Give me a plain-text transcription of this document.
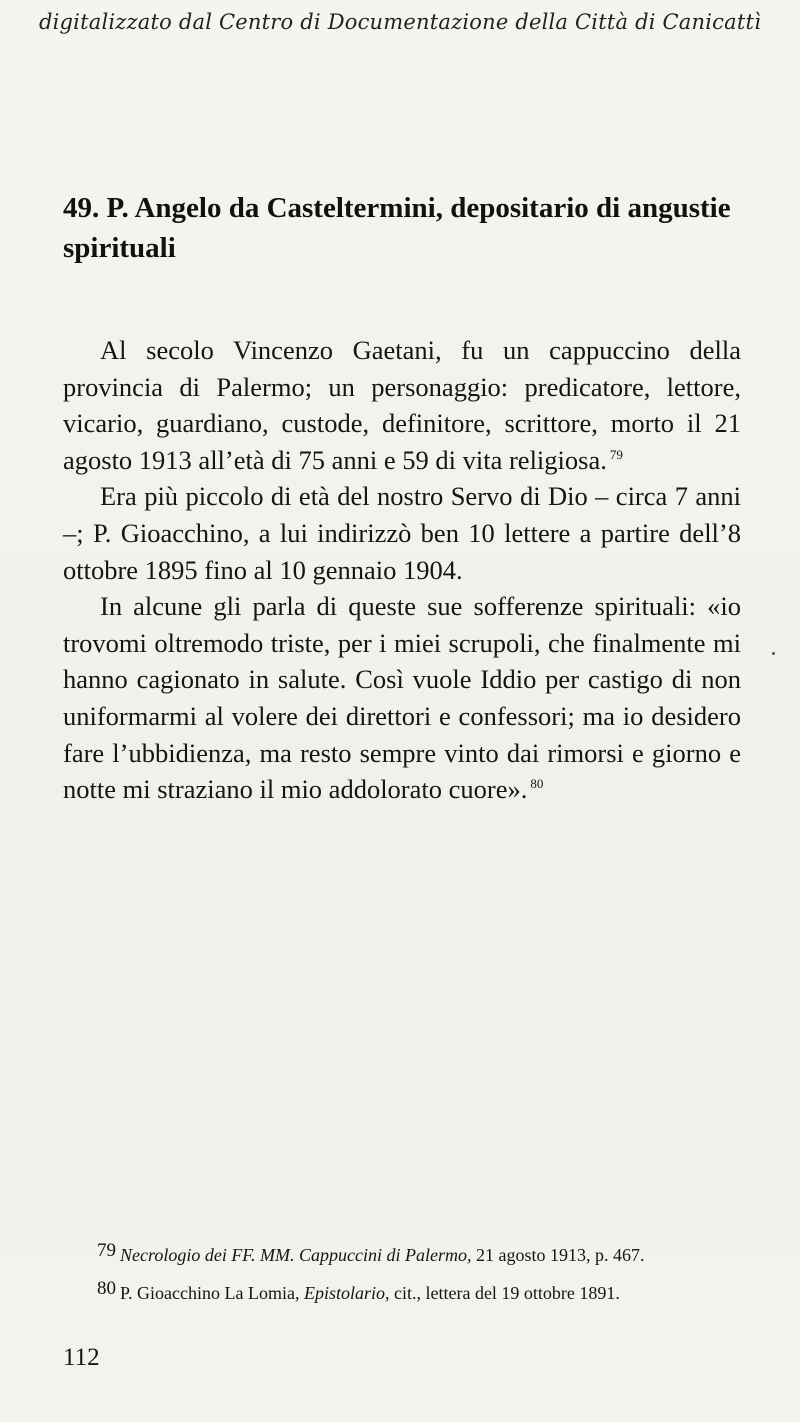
digitalizzato dal Centro di Documentazione della Città di Canicattì
49. P. Angelo da Casteltermini, depositario di angustie spirituali

Al secolo Vincenzo Gaetani, fu un cappuccino della provincia di Palermo; un personaggio: predicatore, lettore, vicario, guardiano, custode, definitore, scrittore, morto il 21 agosto 1913 all’età di 75 anni e 59 di vita religiosa. $^{79}$

Era più piccolo di età del nostro Servo di Dio – circa 7 anni –; P. Gioacchino, a lui indirizzò ben 10 lettere a partire dell’8 ottobre 1895 fino al 10 gennaio 1904.

In alcune gli parla di queste sue sofferenze spirituali: «io trovomi oltremodo triste, per i miei scrupoli, che finalmente mi hanno cagionato in salute. Così vuole Iddio per castigo di non uniformarmi al volere dei direttori e confessori; ma io desidero fare l’ubbidienza, ma resto sempre vinto dai rimorsi e giorno e notte mi straziano il mio addolorato cuore». $^{80}$

79 Necrologio dei FF. MM. Cappuccini di Palermo, 21 agosto 1913, p. 467.

80 P. Gioacchino La Lomia, Epistolario, cit., lettera del 19 ottobre 1891.

112
